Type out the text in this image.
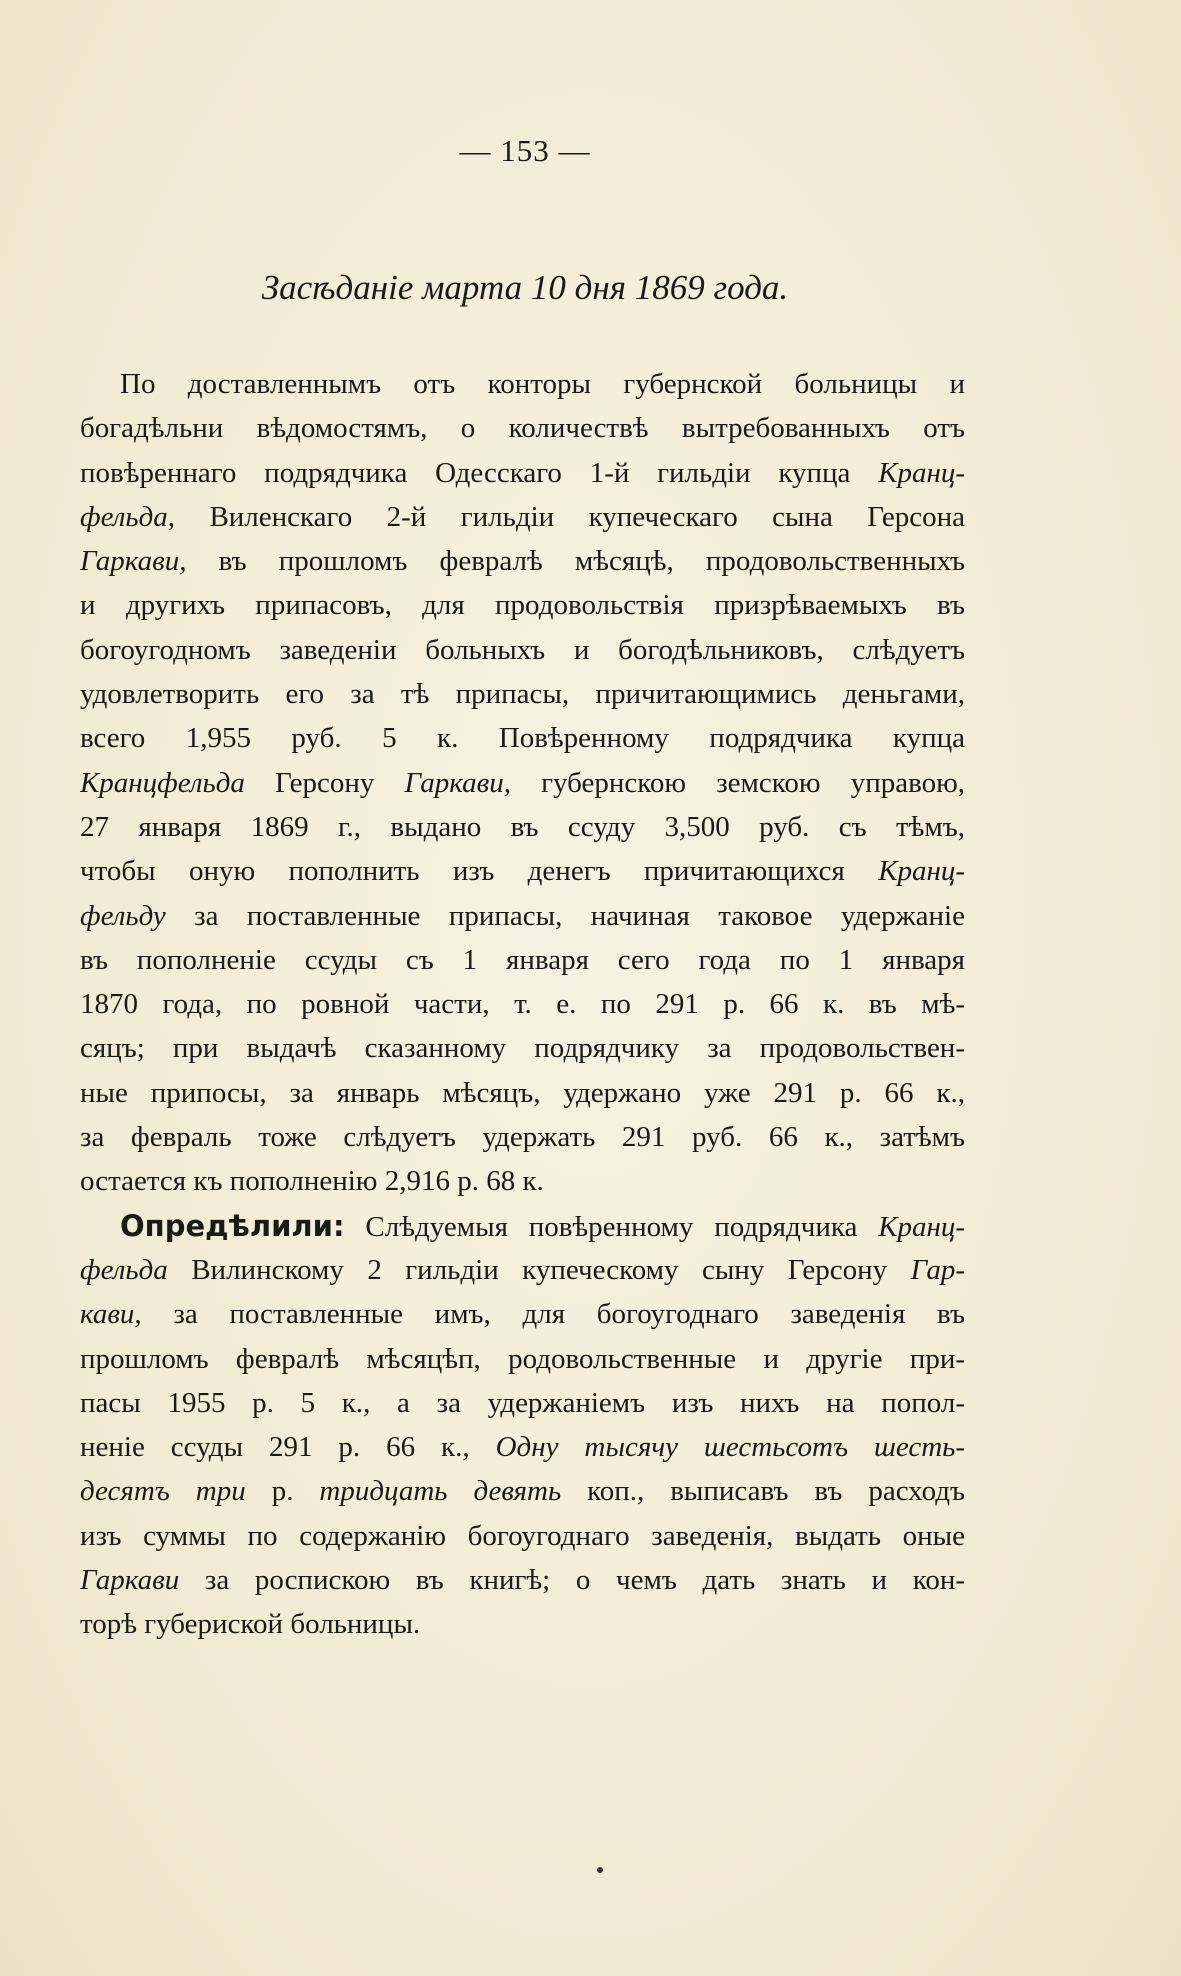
— 153 —
Засѣданіе марта 10 дня 1869 года.
По доставленнымъ отъ конторы губернской больницы и
богадѣльни вѣдомостямъ, о количествѣ вытребованныхъ отъ
повѣреннаго подрядчика Одесскаго 1-й гильдіи купца Кранц-
фельда, Виленскаго 2-й гильдіи купеческаго сына Герсона
Гаркави, въ прошломъ февралѣ мѣсяцѣ, продовольственныхъ
и другихъ припасовъ, для продовольствія призрѣваемыхъ въ
богоугодномъ заведеніи больныхъ и богодѣльниковъ, слѣдуетъ
удовлетворить его за тѣ припасы, причитающимись деньгами,
всего 1,955 руб. 5 к. Повѣренному подрядчика купца
Кранцфельда Герсону Гаркави, губернскою земскою управою,
27 января 1869 г., выдано въ ссуду 3,500 руб. съ тѣмъ,
чтобы оную пополнить изъ денегъ причитающихся Кранц-
фельду за поставленные припасы, начиная таковое удержаніе
въ пополненіе ссуды съ 1 января сего года по 1 января
1870 года, по ровной части, т. е. по 291 р. 66 к. въ мѣ-
сяцъ; при выдачѣ сказанному подрядчику за продовольствен-
ные припосы, за январь мѣсяцъ, удержано уже 291 р. 66 к.,
за февраль тоже слѣдуетъ удержать 291 руб. 66 к., затѣмъ
остается къ пополненію 2,916 р. 68 к.
Опредѣлили: Слѣдуемыя повѣренному подрядчика Кранц-
фельда Вилинскому 2 гильдіи купеческому сыну Герсону Гар-
кави, за поставленные имъ, для богоугоднаго заведенія въ
прошломъ февралѣ мѣсяцѣп, родовольственные и другіе при-
пасы 1955 р. 5 к., а за удержаніемъ изъ нихъ на попол-
неніе ссуды 291 р. 66 к., Одну тысячу шестьсотъ шесть-
десятъ три р. тридцать девять коп., выписавъ въ расходъ
изъ суммы по содержанію богоугоднаго заведенія, выдать оные
Гаркави за роспискою въ книгѣ; о чемъ дать знать и кон-
торѣ губериской больницы.
